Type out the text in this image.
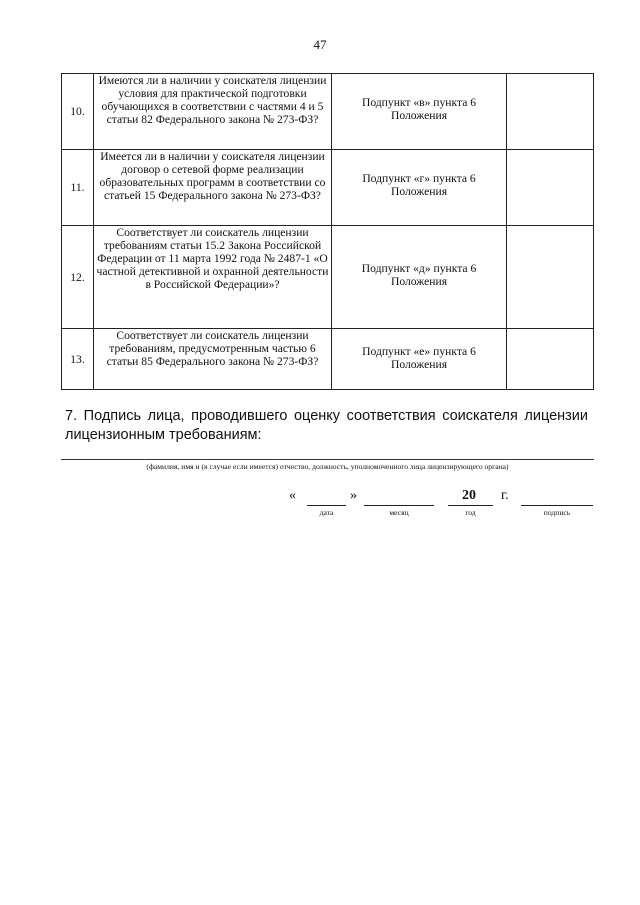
47
10.	Имеются ли в наличии у соискателя лицензии условия для практической подготовки обучающихся в соответствии с частями 4 и 5 статьи 82 Федерального закона № 273-ФЗ?	Подпункт «в» пункта 6 Положения	
11.	Имеется ли в наличии у соискателя лицензии договор о сетевой форме реализации образовательных программ в соответствии со статьей 15 Федерального закона № 273-ФЗ?	Подпункт «г» пункта 6 Положения	
12.	Соответствует ли соискатель лицензии требованиям статьи 15.2 Закона Российской Федерации от 11 марта 1992 года № 2487-1 «О частной детективной и охранной деятельности в Российской Федерации»?	Подпункт «д» пункта 6 Положения	
13.	Соответствует ли соискатель лицензии требованиям, предусмотренным частью 6 статьи 85 Федерального закона № 273-ФЗ?	Подпункт «е» пункта 6 Положения	
7. Подпись лица, проводившего оценку соответствия соискателя лицензии лицензионным требованиям:
(фамилия, имя и (в случае если имеется) отчество, должность, уполномоченного лица лицензирующего органа)
«	»	20 г.
дата	месяц	год	подпись
